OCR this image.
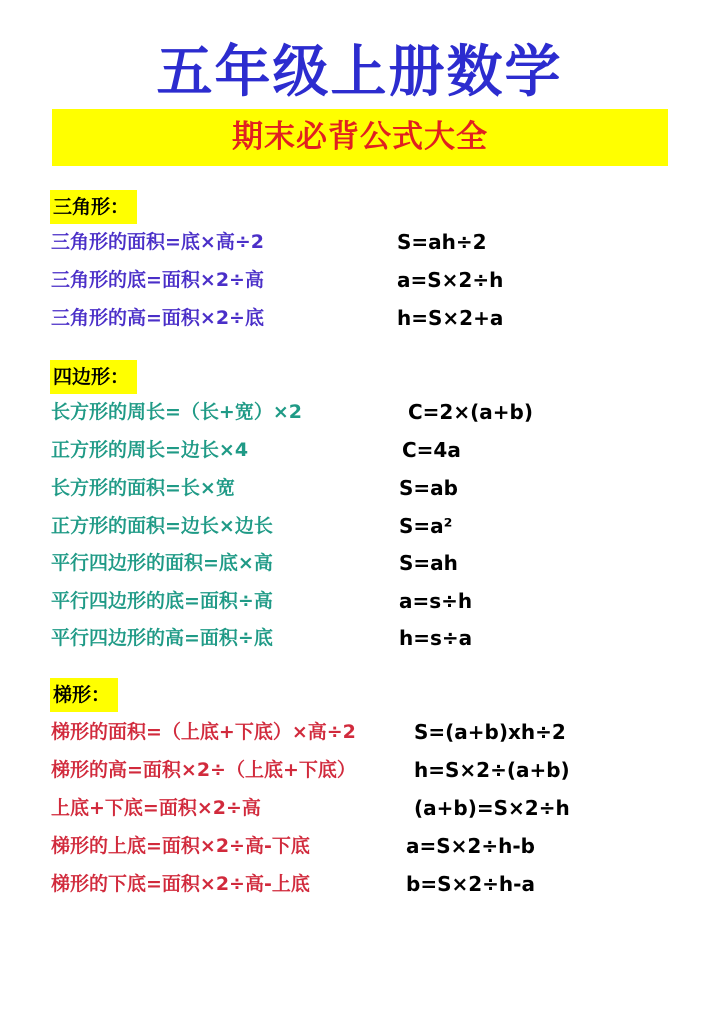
五年级上册数学
期末必背公式大全
三角形：
三角形的面积=底×高÷2	S=ah÷2
三角形的底=面积×2÷高	a=S×2÷h
三角形的高=面积×2÷底	h=S×2+a
四边形：
长方形的周长=（长+宽）×2	C=2×(a+b)
正方形的周长=边长×4	C=4a
长方形的面积=长×宽	S=ab
正方形的面积=边长×边长	S=a²
平行四边形的面积=底×高	S=ah
平行四边形的底=面积÷高	a=s÷h
平行四边形的高=面积÷底	h=s÷a
梯形：
梯形的面积=（上底+下底）×高÷2	S=(a+b)xh÷2
梯形的高=面积×2÷（上底+下底）	h=S×2÷(a+b)
上底+下底=面积×2÷高	(a+b)=S×2÷h
梯形的上底=面积×2÷高-下底	a=S×2÷h-b
梯形的下底=面积×2÷高-上底	b=S×2÷h-a
